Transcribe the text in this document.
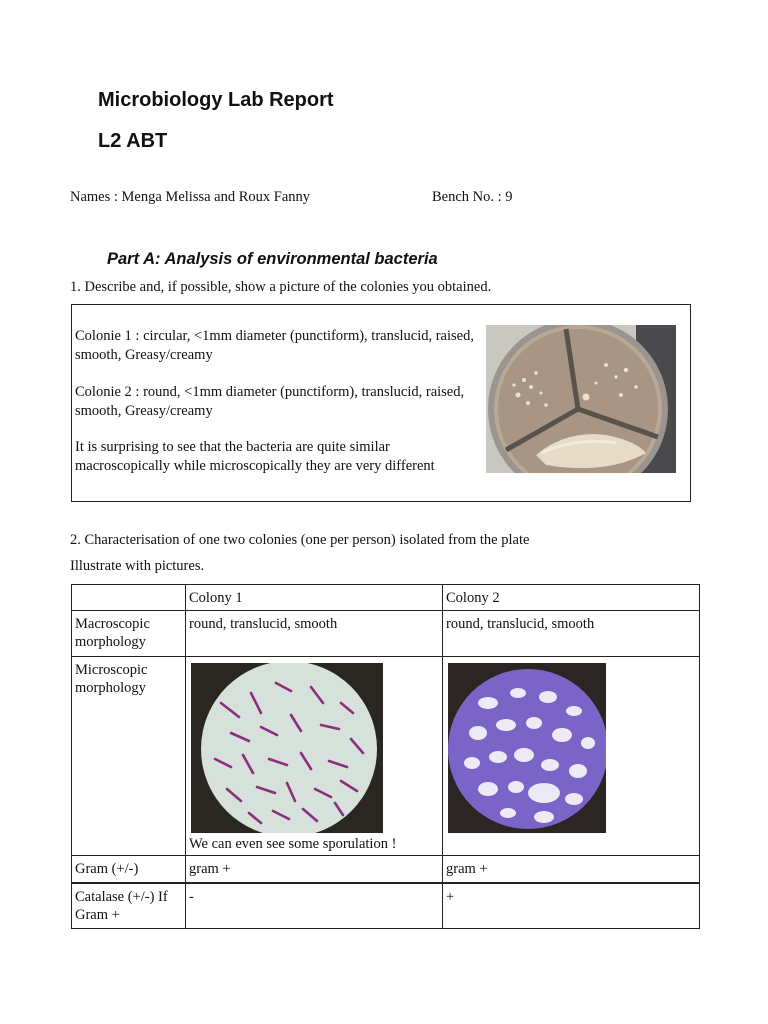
Microbiology Lab Report
L2 ABT
Names : Menga Melissa and Roux Fanny	Bench No. : 9
Part A: Analysis of environmental bacteria
1. Describe and, if possible, show a picture of the colonies you obtained.

Colonie 1 : circular, <1mm diameter (punctiform), translucid, raised, smooth, Greasy/creamy

Colonie 2 : round, <1mm diameter (punctiform), translucid, raised, smooth, Greasy/creamy

It is surprising to see that the bacteria are quite similar macroscopically while microscopically they are very different

2. Characterisation of one two colonies (one per person) isolated from the plate
Illustrate with pictures.
	Colony 1	Colony 2
Macroscopic morphology	round, translucid, smooth	round, translucid, smooth
Microscopic morphology	We can even see some sporulation !

Gram (+/-)	gram +	gram +
Catalase (+/-) If Gram +	-	+
